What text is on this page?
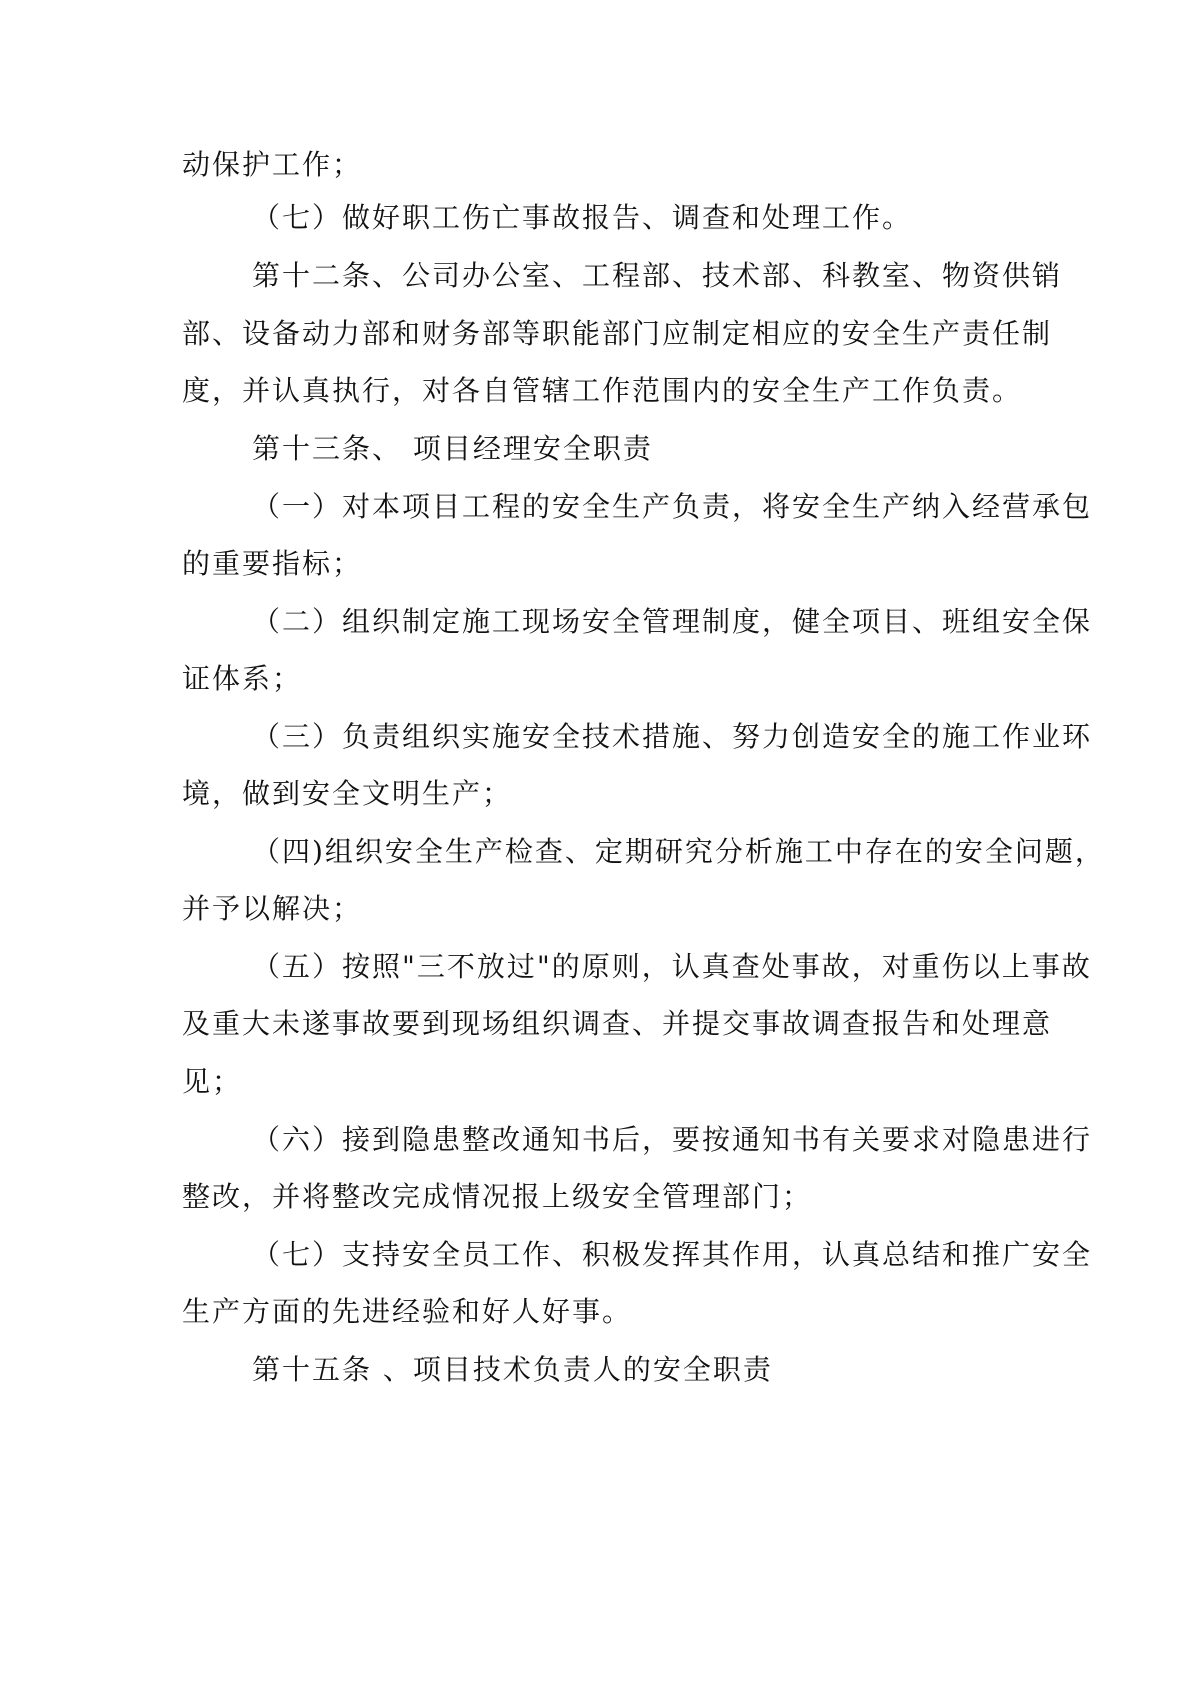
动保护工作；
（七）做好职工伤亡事故报告、调查和处理工作。
第十二条、公司办公室、工程部、技术部、科教室、物资供销
部、设备动力部和财务部等职能部门应制定相应的安全生产责任制
度，并认真执行，对各自管辖工作范围内的安全生产工作负责。
第十三条、 项目经理安全职责
（一）对本项目工程的安全生产负责，将安全生产纳入经营承包
的重要指标；
（二）组织制定施工现场安全管理制度，健全项目、班组安全保
证体系；
（三）负责组织实施安全技术措施、努力创造安全的施工作业环
境，做到安全文明生产；
（四)组织安全生产检查、定期研究分析施工中存在的安全问题，
并予以解决；
（五）按照"三不放过"的原则，认真查处事故，对重伤以上事故
及重大未遂事故要到现场组织调查、并提交事故调查报告和处理意
见；
（六）接到隐患整改通知书后，要按通知书有关要求对隐患进行
整改，并将整改完成情况报上级安全管理部门；
（七）支持安全员工作、积极发挥其作用，认真总结和推广安全
生产方面的先进经验和好人好事。
第十五条 、项目技术负责人的安全职责
